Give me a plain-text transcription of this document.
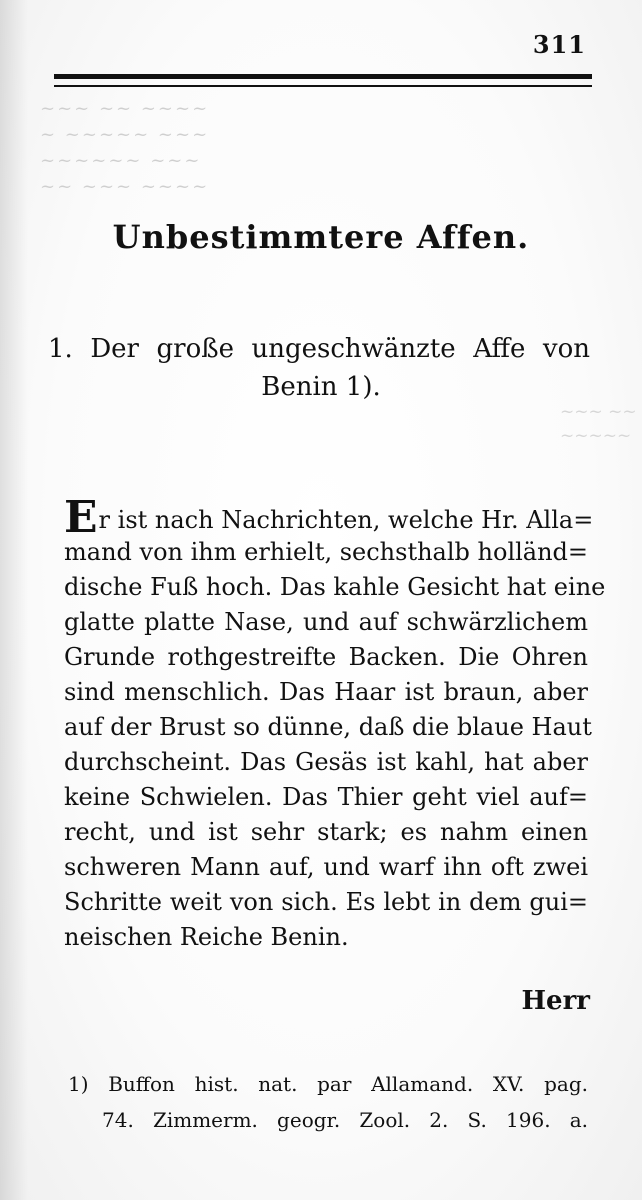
311
~~~ ~~ ~~~~
~ ~~~~~ ~~~
~~~~~~ ~~~
~~ ~~~ ~~~~
~~~ ~~
~~~~~
Unbestimmtere Affen.
1. Der große ungeschwänzte Affe von
Benin 1).
Er ist nach Nachrichten, welche Hr. Alla=
mand von ihm erhielt, sechsthalb holländ=
dische Fuß hoch. Das kahle Gesicht hat eine
glatte platte Nase, und auf schwärzlichem
Grunde rothgestreifte Backen. Die Ohren
sind menschlich. Das Haar ist braun, aber
auf der Brust so dünne, daß die blaue Haut
durchscheint. Das Gesäs ist kahl, hat aber
keine Schwielen. Das Thier geht viel auf=
recht, und ist sehr stark; es nahm einen
schweren Mann auf, und warf ihn oft zwei
Schritte weit von sich. Es lebt in dem gui=
neischen Reiche Benin.
Herr
1) Buffon hist. nat. par Allamand. XV. pag.
74. Zimmerm. geogr. Zool. 2. S. 196. a.
